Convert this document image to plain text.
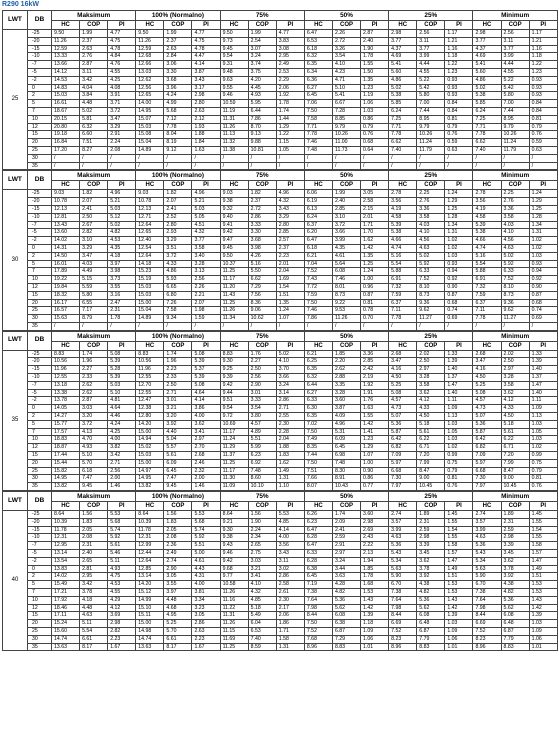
R290 16kW
LWT	DB	Maksimum			100% (Normalno)			75%			50%			25%			Minimum		
		HC	COP	PI	HC	COP	PI	HC	COP	PI	HC	COP	PI	HC	COP	PI	HC	COP	PI
25	-25	9.50	1.99	4.77	9.50	1.99	4.77	9.50	1.99	4.77	6.47	2.26	2.87	2.98	2.56	1.17	2.98	2.56	1.17
	-20	11.26	2.37	4.75	11.26	2.37	4.75	9.73	2.54	3.83	6.53	2.72	2.40	3.77	3.11	1.21	3.77	3.11	1.21
	-15	12.59	2.63	4.78	12.59	2.63	4.78	9.45	3.07	3.08	6.18	3.26	1.90	4.37	3.77	1.16	4.37	3.77	1.16
	-10	13.33	2.76	4.84	12.68	2.84	4.47	9.54	3.24	2.95	6.32	3.54	1.78	4.69	3.99	1.18	4.69	3.99	1.18
	-7	13.66	2.87	4.76	12.66	3.06	4.14	9.31	3.74	2.49	6.35	4.10	1.55	5.41	4.44	1.22	5.41	4.44	1.22
	-5	14.12	3.11	4.55	13.03	3.30	3.87	9.48	3.75	2.53	6.34	4.23	1.50	5.60	4.55	1.23	5.60	4.55	1.23
	-2	14.53	3.42	4.25	12.62	3.68	3.43	9.63	4.20	2.29	6.36	4.71	1.35	4.86	5.22	0.93	4.86	5.22	0.93
	0	14.83	4.04	4.08	12.56	3.96	3.17	9.55	4.45	2.06	6.27	5.10	1.23	5.02	5.42	0.93	5.02	5.42	0.93
	2	15.03	3.84	3.91	12.65	4.24	2.98	9.46	4.93	1.92	6.45	5.41	1.19	5.38	5.80	0.93	5.38	5.80	0.93
	5	16.61	4.48	3.71	14.00	4.99	2.80	10.59	5.95	1.78	7.06	6.67	1.06	5.85	7.00	0.84	5.85	7.00	0.84
	7	18.67	5.02	3.72	14.95	5.68	2.63	11.19	6.44	1.74	7.50	7.28	1.03	6.24	7.44	0.84	6.24	7.44	0.84
	10	20.15	5.81	3.47	15.07	7.12	2.12	11.31	7.86	1.44	7.58	8.85	0.86	7.25	8.95	0.81	7.25	8.95	0.81
	12	20.80	6.32	3.29	15.03	7.78	1.93	11.26	8.70	1.29	7.71	9.79	0.79	7.71	9.79	0.79	7.71	9.79	0.79
	15	19.18	6.60	2.91	15.08	8.04	1.88	11.13	9.13	1.22	7.78	10.26	0.76	7.78	10.26	0.76	7.78	10.26	0.76
	20	16.84	7.51	2.24	15.04	8.19	1.84	11.32	9.88	1.15	7.46	11.00	0.68	6.62	11.24	0.59	6.62	11.24	0.59
	25	17.20	8.27	2.08	14.89	9.12	1.63	11.38	10.81	1.05	7.48	11.73	0.64	7.40	11.79	0.63	7.40	11.79	0.63
	30	/	/	/	/	/	/	/	/	/	/	/	/	/	/	/	/	/	/
	35	/	/	/	/	/	/	/	/	/	/	/	/	/	/	/	/	/	/
LWT	DB	Maksimum			100% (Normalno)			75%			50%			25%			Minimum		
		HC	COP	PI	HC	COP	PI	HC	COP	PI	HC	COP	PI	HC	COP	PI	HC	COP	PI
30	-25	9.03	1.82	4.96	9.03	1.82	4.96	9.03	1.82	4.96	6.06	1.99	3.05	2.78	2.25	1.24	2.78	2.25	1.24
	-20	10.78	2.07	5.21	10.78	2.07	5.21	9.38	2.37	4.32	6.19	2.40	2.58	3.56	2.76	1.29	3.56	2.76	1.29
	-15	12.13	2.41	5.03	12.13	2.41	5.03	9.32	2.72	3.43	6.13	2.85	2.15	4.19	3.36	1.25	4.19	3.36	1.25
	-10	12.81	2.50	5.12	12.71	2.52	5.05	9.40	2.86	3.29	6.24	3.10	2.01	4.58	3.58	1.28	4.58	3.58	1.28
	-7	13.43	2.67	5.02	12.64	2.80	4.51	9.41	3.33	2.80	6.37	3.72	1.71	5.39	4.03	1.34	5.39	4.03	1.34
	-5	13.60	2.82	4.82	12.65	2.93	4.32	9.42	3.30	2.85	6.20	3.66	1.70	5.38	4.10	1.31	5.38	4.10	1.31
	-2	14.02	3.10	4.53	12.40	3.29	3.77	9.47	3.68	2.57	6.47	3.99	1.62	4.66	4.56	1.02	4.66	4.56	1.02
	0	14.31	3.29	4.35	12.54	3.51	3.58	9.45	3.98	2.37	6.18	4.35	1.42	4.74	4.63	1.02	4.74	4.63	1.02
	2	14.50	3.47	4.18	12.64	3.72	3.40	9.50	4.26	2.23	6.21	4.61	1.35	5.16	5.02	1.03	5.16	5.02	1.03
	5	16.01	4.03	3.97	14.18	4.33	3.28	10.37	5.16	2.01	7.04	5.64	1.25	5.54	5.92	0.93	5.54	5.92	0.93
	7	17.89	4.49	3.98	15.23	4.86	3.13	11.25	5.50	2.04	7.52	6.08	1.24	5.88	6.33	0.94	5.88	6.33	0.94
	10	19.22	5.15	3.73	15.19	5.93	2.56	11.17	6.62	1.69	7.43	7.46	1.00	6.91	7.52	0.92	6.91	7.52	0.92
	12	19.84	5.59	3.55	15.03	6.65	2.26	11.20	7.29	1.54	7.72	8.01	0.96	7.32	8.10	0.90	7.32	8.10	0.90
	15	18.32	5.80	3.16	15.03	6.80	2.21	11.43	7.56	1.51	7.59	8.73	0.87	7.59	8.73	0.87	7.59	8.73	0.87
	20	16.17	6.55	2.47	15.00	7.26	2.07	11.25	8.36	1.35	7.50	9.22	0.81	6.37	9.36	0.68	6.37	9.36	0.68
	25	16.57	7.17	2.31	15.04	7.58	1.98	11.26	9.06	1.24	7.46	9.53	0.78	7.11	9.62	0.74	7.11	9.62	0.74
	30	15.63	8.79	1.78	14.89	9.34	1.59	11.34	10.62	1.07	7.86	11.26	0.70	7.78	11.27	0.69	7.78	11.27	0.69
	35	/	/	/	/	/	/	/	/	/	/	/	/	/	/	/	/	/	/
LWT	DB	Maksimum			100% (Normalno)			75%			50%			25%			Minimum		
		HC	COP	PI	HC	COP	PI	HC	COP	PI	HC	COP	PI	HC	COP	PI	HC	COP	PI
35	-25	8.83	1.74	5.08	8.83	1.74	5.08	8.83	1.76	5.02	6.21	1.85	3.36	2.68	2.02	1.33	2.68	2.02	1.33
	-20	10.56	1.96	5.39	10.56	1.96	5.39	9.30	2.27	4.10	6.25	2.20	2.85	3.47	2.50	1.39	3.47	2.50	1.39
	-15	11.96	2.27	5.28	11.96	2.23	5.37	9.25	2.50	3.70	6.35	2.62	2.42	4.16	2.97	1.40	4.16	2.97	1.40
	-10	12.55	2.33	5.39	12.55	2.33	5.39	9.39	2.56	3.66	6.32	2.88	2.19	4.50	3.28	1.37	4.50	3.28	1.37
	-7	13.18	2.62	5.03	12.70	2.50	5.08	9.42	2.90	3.24	6.44	3.35	1.92	5.25	3.58	1.47	5.25	3.58	1.47
	-5	13.38	2.62	5.10	12.55	2.71	4.64	9.44	3.01	3.14	6.27	3.28	1.91	5.08	3.62	1.40	5.08	3.62	1.40
	-2	13.78	2.87	4.81	12.47	3.01	4.14	9.51	3.33	2.86	6.33	3.60	1.76	4.57	4.12	1.11	4.57	4.12	1.11
	0	14.05	3.03	4.64	12.38	3.21	3.86	9.54	3.54	2.71	6.30	3.87	1.63	4.73	4.33	1.09	4.73	4.33	1.09
	2	14.27	3.20	4.46	12.80	3.20	4.00	9.72	3.80	2.55	6.35	4.09	1.55	5.07	4.50	1.13	5.07	4.50	1.13
	5	15.77	3.72	4.24	14.20	3.92	3.62	10.69	4.57	2.30	7.02	4.96	1.42	5.36	5.18	1.03	5.36	5.18	1.03
	7	17.57	4.13	4.25	15.00	4.40	3.41	11.17	4.89	2.28	7.50	5.31	1.41	5.87	5.61	1.05	5.87	5.61	1.05
	10	18.83	4.70	4.00	14.94	5.04	2.97	11.24	5.51	2.04	7.49	6.09	1.23	6.42	6.22	1.03	6.42	6.22	1.03
	12	18.87	4.93	3.82	15.02	5.57	2.70	11.29	5.99	1.88	8.35	6.45	1.29	6.82	6.71	1.02	6.82	6.71	1.02
	15	17.44	5.10	3.42	15.03	5.61	2.68	11.37	6.23	1.83	7.44	6.98	1.07	7.09	7.20	0.99	7.09	7.20	0.99
	20	15.44	5.70	2.71	15.00	6.09	2.46	11.25	6.92	1.62	7.50	7.48	1.00	5.97	7.99	0.75	5.97	7.99	0.75
	25	15.82	6.18	2.56	14.97	6.45	2.32	11.17	7.48	1.49	7.51	8.30	0.90	6.68	8.47	0.79	6.68	8.47	0.79
	30	14.95	7.47	2.00	14.95	7.47	2.00	11.30	8.60	1.31	7.66	8.91	0.86	7.30	9.00	0.81	7.30	9.00	0.81
	35	13.82	9.45	1.46	13.82	9.45	1.46	11.09	10.10	1.10	8.07	10.43	0.77	7.97	10.45	0.76	7.97	10.45	0.76
LWT	DB	Maksimum			100% (Normalno)			75%			50%			25%			Minimum		
		HC	COP	PI	HC	COP	PI	HC	COP	PI	HC	COP	PI	HC	COP	PI	HC	COP	PI
40	-25	8.64	1.56	5.53	8.64	1.56	5.53	8.64	1.56	5.53	6.26	1.74	3.60	2.74	1.89	1.45	2.74	1.89	1.45
	-20	10.39	1.83	5.68	10.39	1.83	5.68	9.21	1.90	4.85	6.23	2.09	2.98	3.57	2.31	1.55	3.57	2.31	1.55
	-15	11.78	2.05	5.74	11.78	2.05	5.74	9.30	2.24	4.14	6.47	2.41	2.69	3.99	2.59	1.54	3.99	2.59	1.54
	-10	12.31	2.08	5.92	12.31	2.08	5.92	9.38	2.34	4.00	6.28	2.59	2.43	4.63	2.98	1.55	4.63	2.98	1.55
	-7	12.95	2.31	5.61	12.99	2.36	5.51	9.43	2.65	3.56	6.47	2.91	2.22	5.36	3.39	1.58	5.36	3.39	1.58
	-5	13.14	2.40	5.46	12.44	2.49	5.00	9.46	2.75	3.43	6.33	2.97	2.13	5.43	3.45	1.57	5.43	3.45	1.57
	-2	13.54	2.65	5.11	12.64	2.74	4.61	9.42	3.03	3.11	6.28	3.24	1.94	5.34	3.62	1.47	5.34	3.62	1.47
	0	13.83	2.81	4.93	12.85	2.90	4.43	9.68	3.21	3.02	6.38	3.44	1.85	5.63	3.78	1.49	5.63	3.78	1.49
	2	14.02	2.95	4.75	13.14	3.05	4.31	9.77	3.41	2.86	6.45	3.63	1.78	5.90	3.92	1.51	5.90	3.92	1.51
	5	15.49	3.42	4.53	14.20	3.55	4.00	10.58	4.10	2.58	7.19	4.28	1.68	6.70	4.38	1.53	6.70	4.38	1.53
	7	17.21	3.78	4.55	15.12	3.97	3.81	11.26	4.32	2.61	7.38	4.82	1.53	7.38	4.82	1.53	7.38	4.82	1.53
	10	17.92	4.18	4.29	14.99	4.48	3.34	11.16	4.85	2.30	7.64	5.36	1.43	7.64	5.36	1.43	7.64	5.36	1.43
	12	18.46	4.48	4.12	15.10	4.68	3.23	11.22	5.18	2.17	7.98	5.62	1.42	7.98	5.62	1.42	7.98	5.62	1.42
	15	17.11	4.63	3.69	15.11	4.95	3.05	11.31	5.49	2.06	8.44	6.08	1.39	8.44	6.08	1.39	8.44	6.08	1.39
	20	15.24	5.11	2.98	15.00	5.25	2.86	11.26	6.04	1.86	7.50	6.38	1.18	6.69	6.48	1.03	6.69	6.48	1.03
	25	15.60	5.54	2.82	14.98	5.70	2.63	11.15	6.53	1.71	7.52	6.87	1.09	7.52	6.87	1.09	7.52	6.87	1.09
	30	14.74	6.61	2.23	14.74	6.61	2.23	11.69	7.40	1.58	7.68	7.29	1.06	8.23	7.79	1.06	8.23	7.79	1.06
	35	13.63	8.17	1.67	13.63	8.17	1.67	11.25	8.59	1.31	8.96	8.83	1.01	8.96	8.83	1.01	8.96	8.83	1.01
